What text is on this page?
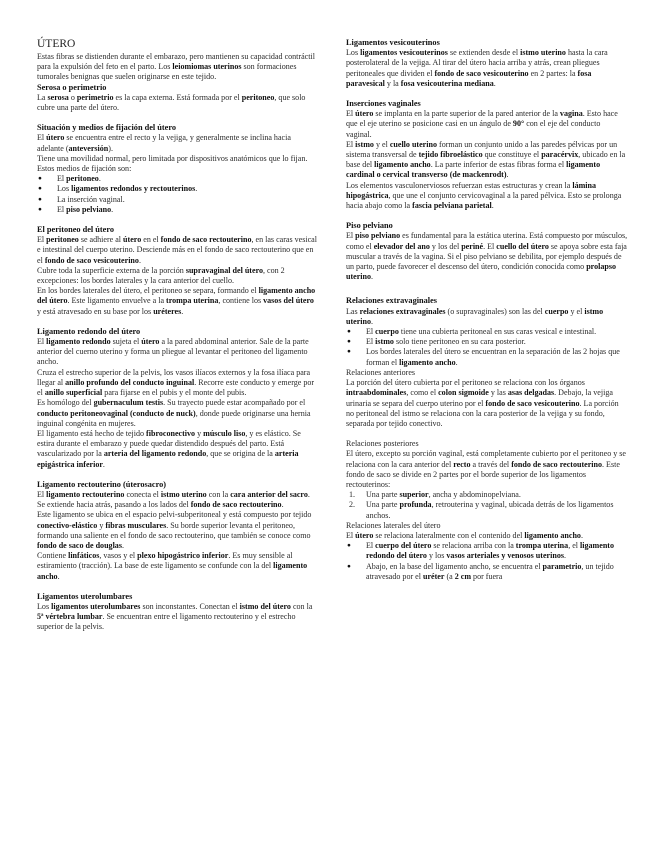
ÚTERO

Estas fibras se distienden durante el embarazo, pero mantienen su capacidad contráctil para la expulsión del feto en el parto. Los leiomiomas uterinos son formaciones tumorales benignas que suelen originarse en este tejido.

Serosa o perimetrio

La serosa o perimetrio es la capa externa. Está formada por el peritoneo, que solo cubre una parte del útero.

Situación y medios de fijación del útero

El útero se encuentra entre el recto y la vejiga, y generalmente se inclina hacia adelante (anteversión).

Tiene una movilidad normal, pero limitada por dispositivos anatómicos que lo fijan. Estos medios de fijación son:

● El peritoneo.
● Los ligamentos redondos y rectouterinos.
● La inserción vaginal.
● El piso pelviano.
El peritoneo del útero

El peritoneo se adhiere al útero en el fondo de saco rectouterino, en las caras vesical e intestinal del cuerpo uterino. Desciende más en el fondo de saco rectouterino que en el fondo de saco vesicouterino.

Cubre toda la superficie externa de la porción supravaginal del útero, con 2 excepciones: los bordes laterales y la cara anterior del cuello.

En los bordes laterales del útero, el peritoneo se separa, formando el ligamento ancho del útero. Este ligamento envuelve a la trompa uterina, contiene los vasos del útero y está atravesado en su base por los uréteres.

Ligamento redondo del útero

El ligamento redondo sujeta el útero a la pared abdominal anterior. Sale de la parte anterior del cuerno uterino y forma un pliegue al levantar el peritoneo del ligamento ancho.

Cruza el estrecho superior de la pelvis, los vasos ilíacos externos y la fosa ilíaca para llegar al anillo profundo del conducto inguinal. Recorre este conducto y emerge por el anillo superficial para fijarse en el pubis y el monte del pubis.

Es homólogo del gubernaculum testis. Su trayecto puede estar acompañado por el conducto peritoneovaginal (conducto de nuck), donde puede originarse una hernia inguinal congénita en mujeres.

El ligamento está hecho de tejido fibroconectivo y músculo liso, y es elástico. Se estira durante el embarazo y puede quedar distendido después del parto. Está vascularizado por la arteria del ligamento redondo, que se origina de la arteria epigástrica inferior.

Ligamento rectouterino (úterosacro)

El ligamento rectouterino conecta el istmo uterino con la cara anterior del sacro. Se extiende hacia atrás, pasando a los lados del fondo de saco rectouterino.

Este ligamento se ubica en el espacio pelvi-subperitoneal y está compuesto por tejido conectivo-elástico y fibras musculares. Su borde superior levanta el peritoneo, formando una saliente en el fondo de saco rectouterino, que también se conoce como fondo de saco de douglas.

Contiene linfáticos, vasos y el plexo hipogástrico inferior. Es muy sensible al estiramiento (tracción). La base de este ligamento se confunde con la del ligamento ancho.

Ligamentos uterolumbares

Los ligamentos uterolumbares son inconstantes. Conectan el istmo del útero con la 5ª vértebra lumbar. Se encuentran entre el ligamento rectouterino y el estrecho superior de la pelvis.

Ligamentos vesicouterinos

Los ligamentos vesicouterinos se extienden desde el istmo uterino hasta la cara posterolateral de la vejiga. Al tirar del útero hacia arriba y atrás, crean pliegues peritoneales que dividen el fondo de saco vesicouterino en 2 partes: la fosa paravesical y la fosa vesicouterina mediana.

Inserciones vaginales

El útero se implanta en la parte superior de la pared anterior de la vagina. Esto hace que el eje uterino se posicione casi en un ángulo de 90° con el eje del conducto vaginal.

El istmo y el cuello uterino forman un conjunto unido a las paredes pélvicas por un sistema transversal de tejido fibroelástico que constituye el paracérvix, ubicado en la base del ligamento ancho. La parte inferior de estas fibras forma el ligamento cardinal o cervical transverso (de mackenrodt).

Los elementos vasculonerviosos refuerzan estas estructuras y crean la lámina hipogástrica, que une el conjunto cervicovaginal a la pared pélvica. Esto se prolonga hacia abajo como la fascia pelviana parietal.

Piso pelviano

El piso pelviano es fundamental para la estática uterina. Está compuesto por músculos, como el elevador del ano y los del periné. El cuello del útero se apoya sobre esta faja muscular a través de la vagina. Si el piso pelviano se debilita, por ejemplo después de un parto, puede favorecer el descenso del útero, condición conocida como prolapso uterino.

Relaciones extravaginales

Las relaciones extravaginales (o supravaginales) son las del cuerpo y el istmo uterino.

● El cuerpo tiene una cubierta peritoneal en sus caras vesical e intestinal.
● El istmo solo tiene peritoneo en su cara posterior.
● Los bordes laterales del útero se encuentran en la separación de las 2 hojas que forman el ligamento ancho.

Relaciones anteriores

La porción del útero cubierta por el peritoneo se relaciona con los órganos intraabdominales, como el colon sigmoide y las asas delgadas. Debajo, la vejiga urinaria se separa del cuerpo uterino por el fondo de saco vesicouterino. La porción no peritoneal del istmo se relaciona con la cara posterior de la vejiga y su fondo, separada por tejido conectivo.

Relaciones posteriores

El útero, excepto su porción vaginal, está completamente cubierto por el peritoneo y se relaciona con la cara anterior del recto a través del fondo de saco rectouterino. Este fondo de saco se divide en 2 partes por el borde superior de los ligamentos rectouterinos:

1. Una parte superior, ancha y abdominopelviana.
2. Una parte profunda, retrouterina y vaginal, ubicada detrás de los ligamentos anchos.

Relaciones laterales del útero

El útero se relaciona lateralmente con el contenido del ligamento ancho.

● El cuerpo del útero se relaciona arriba con la trompa uterina, el ligamento redondo del útero y los vasos arteriales y venosos uterinos.
● Abajo, en la base del ligamento ancho, se encuentra el parametrio, un tejido atravesado por el uréter (a 2 cm por fuera
